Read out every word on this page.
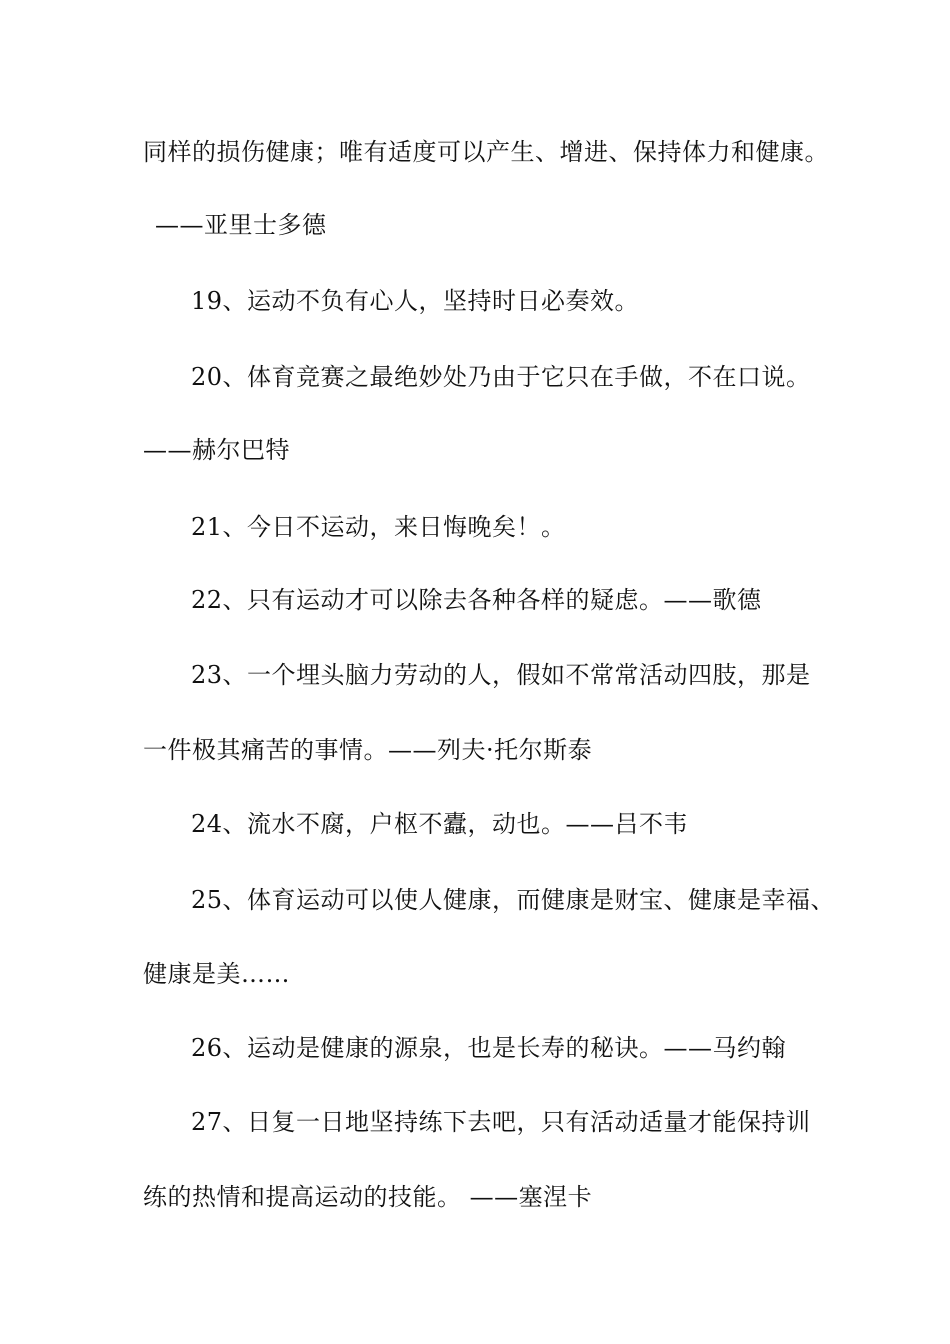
同样的损伤健康；唯有适度可以产生、增进、保持体力和健康。
——亚里士多德
19、运动不负有心人，坚持时日必奏效。
20、体育竞赛之最绝妙处乃由于它只在手做，不在口说。
——赫尔巴特
21、今日不运动，来日悔晚矣！。
22、只有运动才可以除去各种各样的疑虑。——歌德
23、一个埋头脑力劳动的人，假如不常常活动四肢，那是
一件极其痛苦的事情。——列夫·托尔斯泰
24、流水不腐，户枢不蠹，动也。——吕不韦
25、体育运动可以使人健康，而健康是财宝、健康是幸福、
健康是美……
26、运动是健康的源泉，也是长寿的秘诀。——马约翰
27、日复一日地坚持练下去吧，只有活动适量才能保持训
练的热情和提高运动的技能。 ——塞涅卡
